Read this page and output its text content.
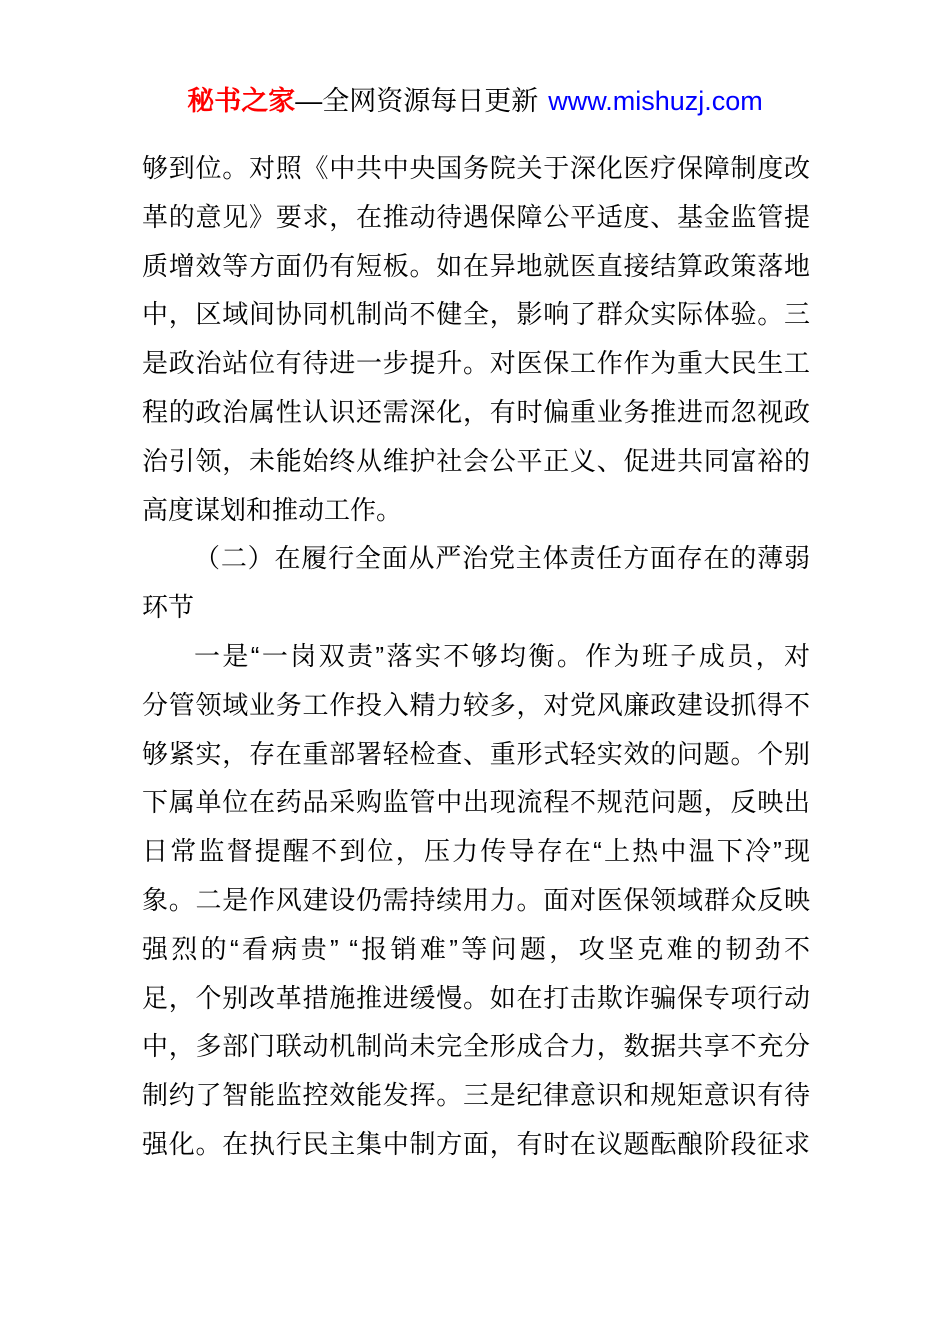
秘书之家—全网资源每日更新 www.mishuzj.com
够到位。对照《中共中央国务院关于深化医疗保障制度改
革的意见》要求，在推动待遇保障公平适度、基金监管提
质增效等方面仍有短板。如在异地就医直接结算政策落地
中，区域间协同机制尚不健全，影响了群众实际体验。三
是政治站位有待进一步提升。对医保工作作为重大民生工
程的政治属性认识还需深化，有时偏重业务推进而忽视政
治引领，未能始终从维护社会公平正义、促进共同富裕的
高度谋划和推动工作。
（二）在履行全面从严治党主体责任方面存在的薄弱
环节
一是“一岗双责”落实不够均衡。作为班子成员，对
分管领域业务工作投入精力较多，对党风廉政建设抓得不
够紧实，存在重部署轻检查、重形式轻实效的问题。个别
下属单位在药品采购监管中出现流程不规范问题，反映出
日常监督提醒不到位，压力传导存在“上热中温下冷”现
象。二是作风建设仍需持续用力。面对医保领域群众反映
强烈的“看病贵” “报销难”等问题，攻坚克难的韧劲不
足，个别改革措施推进缓慢。如在打击欺诈骗保专项行动
中，多部门联动机制尚未完全形成合力，数据共享不充分
制约了智能监控效能发挥。三是纪律意识和规矩意识有待
强化。在执行民主集中制方面，有时在议题酝酿阶段征求
